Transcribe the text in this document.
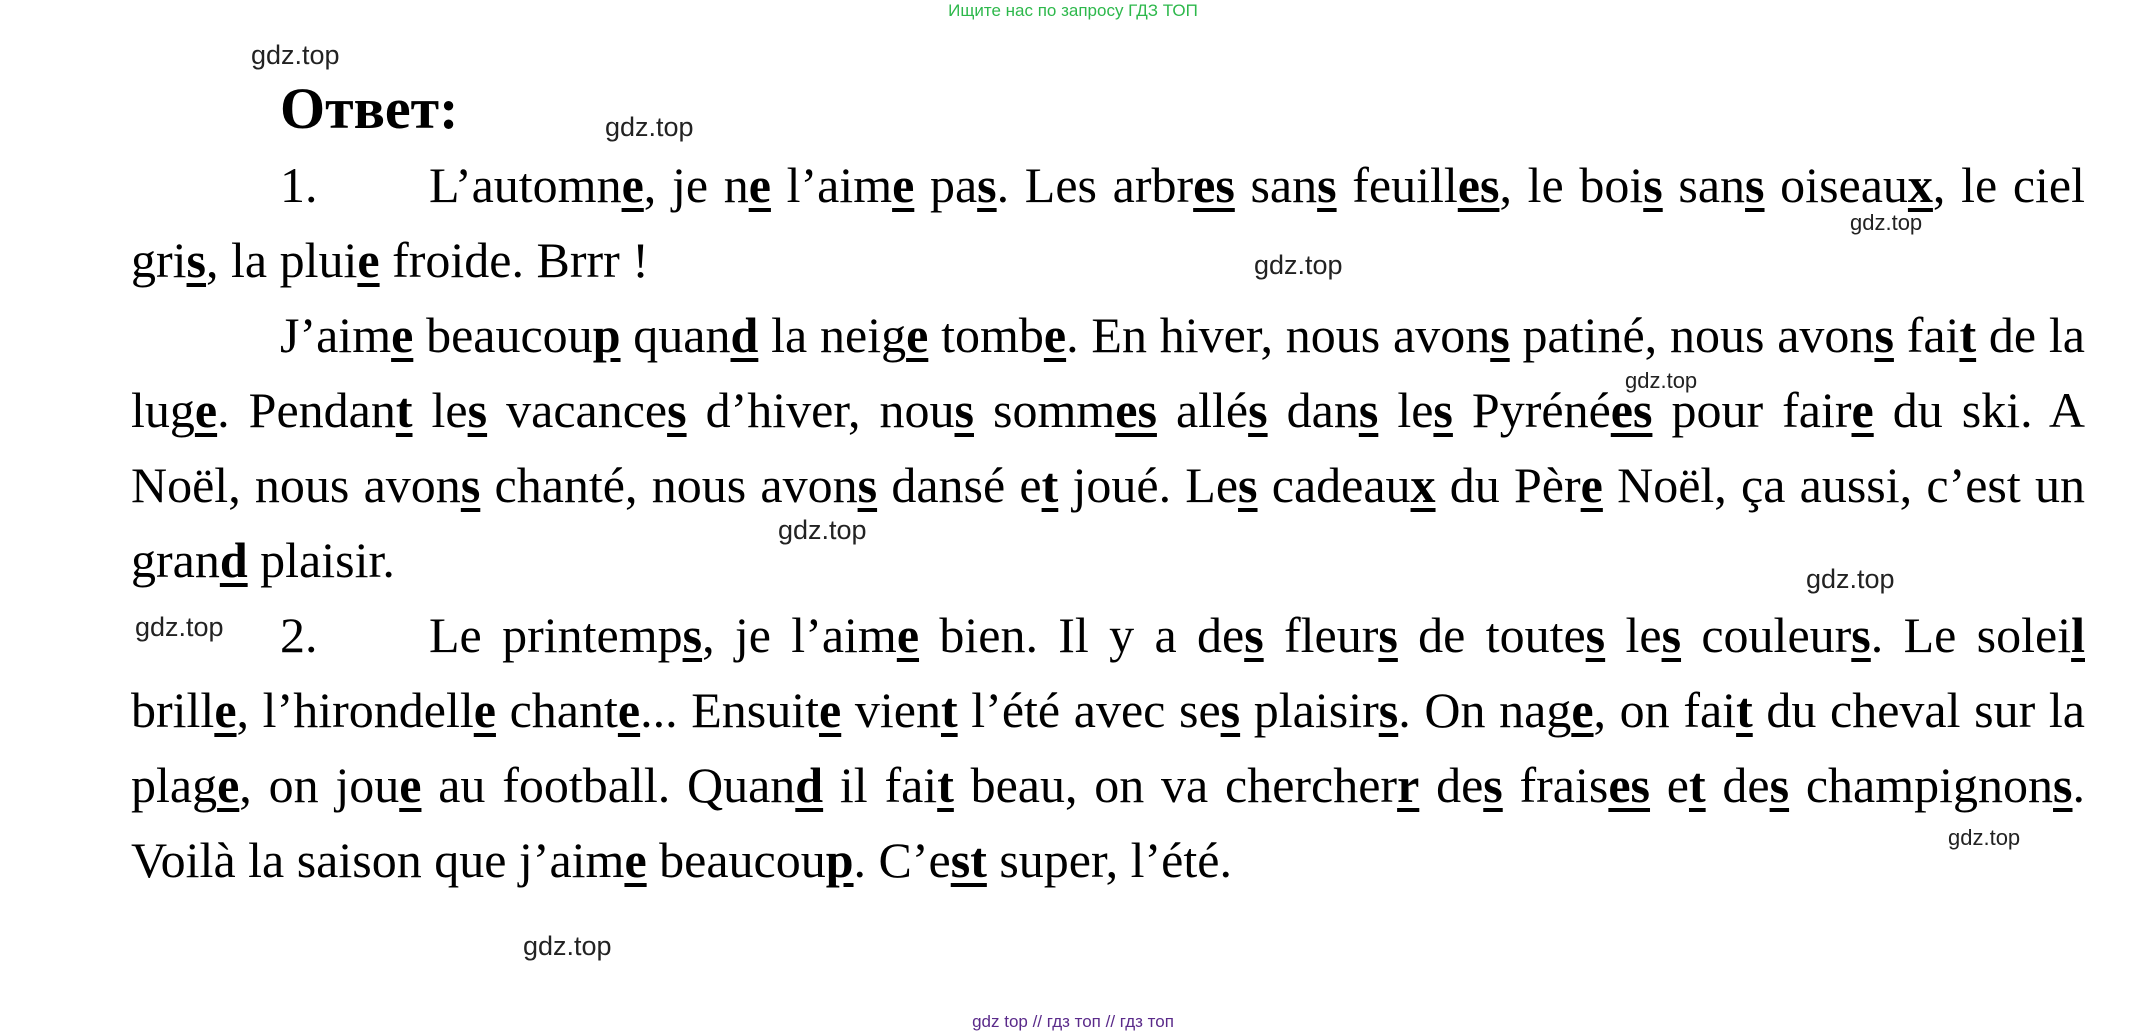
Ищите нас по запросу ГДЗ ТОП
gdz.top
gdz.top
gdz.top
gdz.top
gdz.top
gdz.top
gdz.top
gdz.top
gdz.top
gdz.top
Ответ:
1. L’automne, je ne l’aime pas. Les arbres sans feuilles, le bois sans oiseaux, le ciel gris, la pluie froide. Brrr !
J’aime beaucoup quand la neige tombe. En hiver, nous avons patiné, nous avons fait de la luge. Pendant les vacances d’hiver, nous sommes allés dans les Pyrénées pour faire du ski. A Noël, nous avons chanté, nous avons dansé et joué. Les cadeaux du Père Noël, ça aussi, c’est un grand plaisir.
2. Le printemps, je l’aime bien. Il y a des fleurs de toutes les couleurs. Le soleil brille, l’hirondelle chante... Ensuite vient l’été avec ses plaisirs. On nage, on fait du cheval sur la plage, on joue au football. Quand il fait beau, on va chercherr des fraises et des champignons. Voilà la saison que j’aime beaucoup. C’est super, l’été.
gdz top // гдз топ // гдз топ
